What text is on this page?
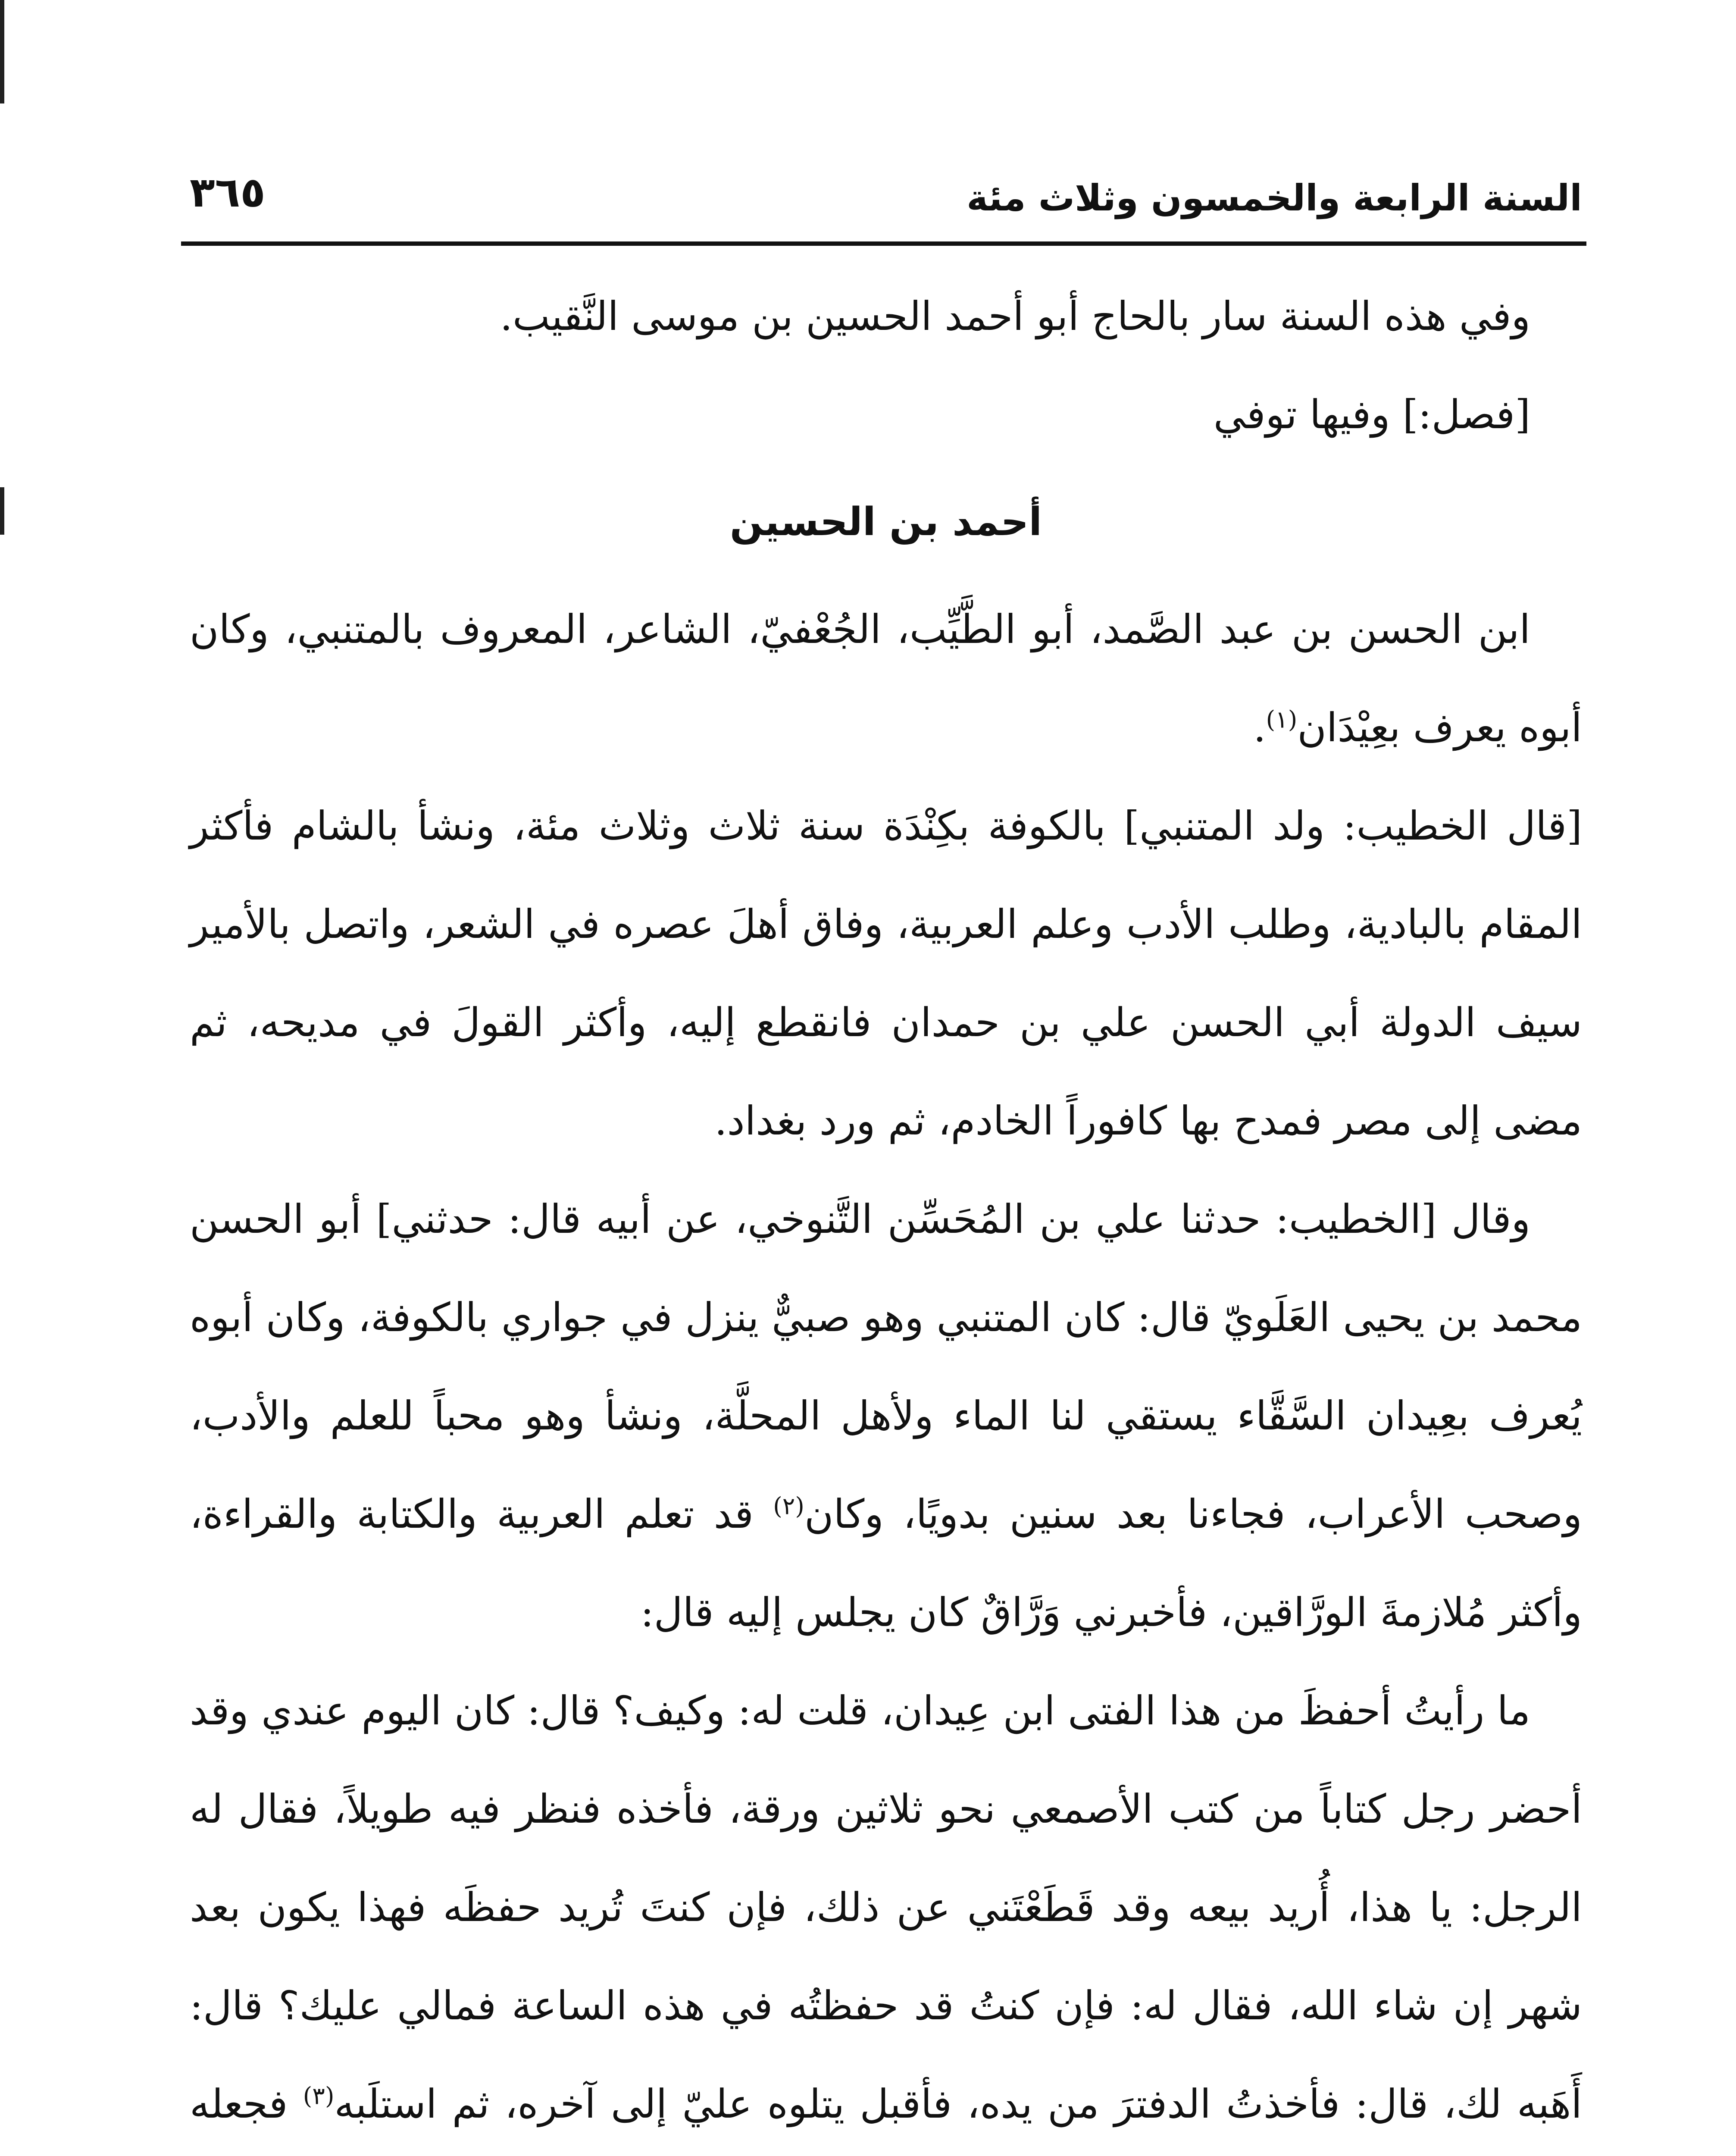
السنة الرابعة والخمسون وثلاث مئة
٣٦٥

وفي هذه السنة سار بالحاج أبو أحمد الحسين بن موسى النَّقيب.

[فصل:] وفيها توفي

أحمد بن الحسين

ابن الحسن بن عبد الصَّمد، أبو الطَّيِّب، الجُعْفيّ، الشاعر، المعروف بالمتنبي، وكان أبوه يعرف بعِيْدَان$^{(١)}$.

[قال الخطيب: ولد المتنبي] بالكوفة بكِنْدَة سنة ثلاث وثلاث مئة، ونشأ بالشام فأكثر المقام بالبادية، وطلب الأدب وعلم العربية، وفاق أهلَ عصره في الشعر، واتصل بالأمير سيف الدولة أبي الحسن علي بن حمدان فانقطع إليه، وأكثر القولَ في مديحه، ثم مضى إلى مصر فمدح بها كافوراً الخادم، ثم ورد بغداد.

وقال [الخطيب: حدثنا علي بن المُحَسِّن التَّنوخي، عن أبيه قال: حدثني] أبو الحسن محمد بن يحيى العَلَويّ قال: كان المتنبي وهو صبيٌّ ينزل في جواري بالكوفة، وكان أبوه يُعرف بعِيدان السَّقَّاء يستقي لنا الماء ولأهل المحلَّة، ونشأ وهو محباً للعلم والأدب، وصحب الأعراب، فجاءنا بعد سنين بدويًا، وكان$^{(٢)}$ قد تعلم العربية والكتابة والقراءة، وأكثر مُلازمةَ الورَّاقين، فأخبرني وَرَّاقٌ كان يجلس إليه قال:

ما رأيتُ أحفظَ من هذا الفتى ابن عِيدان، قلت له: وكيف؟ قال: كان اليوم عندي وقد أحضر رجل كتاباً من كتب الأصمعي نحو ثلاثين ورقة، فأخذه فنظر فيه طويلاً، فقال له الرجل: يا هذا، أُريد بيعه وقد قَطَعْتَني عن ذلك، فإن كنتَ تُريد حفظَه فهذا يكون بعد شهر إن شاء الله، فقال له: فإن كنتُ قد حفظتُه في هذه الساعة فمالي عليك؟ قال: أَهَبه لك، قال: فأخذتُ الدفترَ من يده، فأقبل يتلوه عليّ إلى آخره، ثم استلَبه$^{(٣)}$ فجعله
